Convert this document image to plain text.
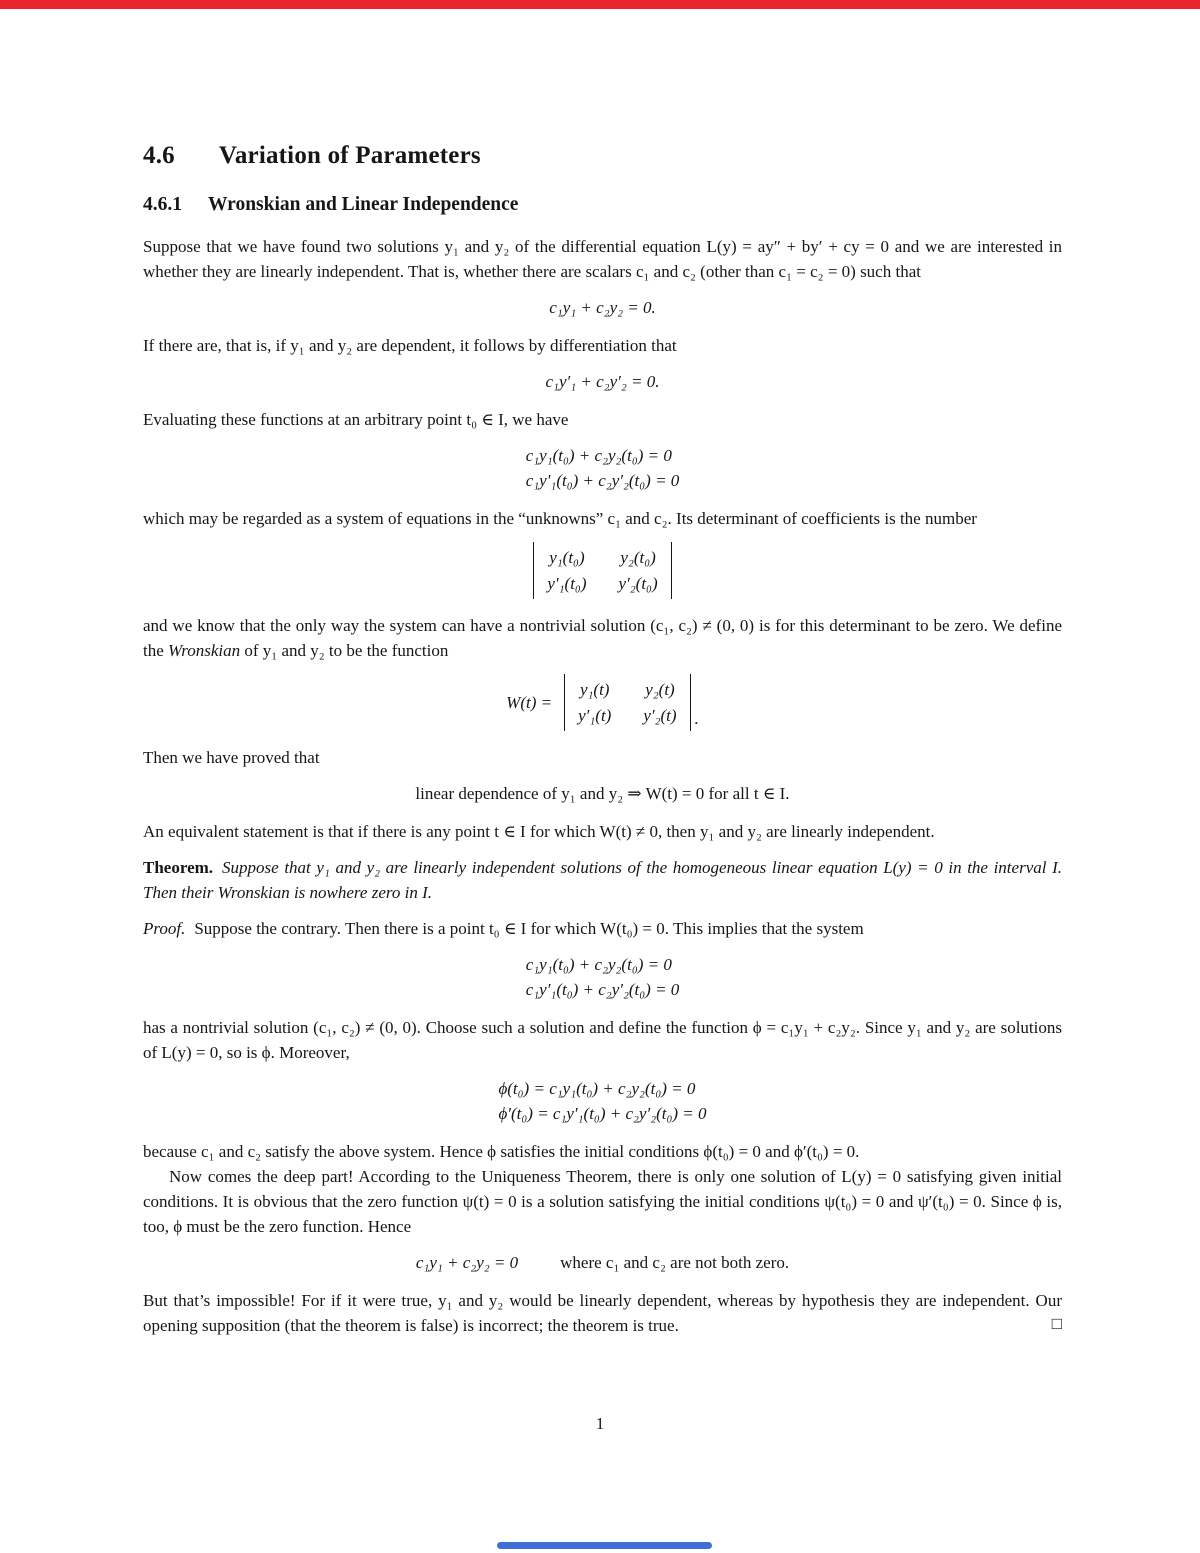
4.6 Variation of Parameters
4.6.1 Wronskian and Linear Independence

Suppose that we have found two solutions y₁ and y₂ of the differential equation L(y) = ay″ + by′ + cy = 0 and we are interested in whether they are linearly independent. That is, whether there are scalars c₁ and c₂ (other than c₁ = c₂ = 0) such that

c₁y₁ + c₂y₂ = 0.

If there are, that is, if y₁ and y₂ are dependent, it follows by differentiation that

c₁y′₁ + c₂y′₂ = 0.

Evaluating these functions at an arbitrary point t₀ ∈ I, we have

c₁y₁(t₀) + c₂y₂(t₀) = 0
c₁y′₁(t₀) + c₂y′₂(t₀) = 0

which may be regarded as a system of equations in the “unknowns” c₁ and c₂. Its determinant of coefficients is the number

y₁(t₀) y₂(t₀)
y′₁(t₀) y′₂(t₀)

and we know that the only way the system can have a nontrivial solution (c₁, c₂) ≠ (0, 0) is for this determinant to be zero. We define the Wronskian of y₁ and y₂ to be the function

W(t) =
y₁(t) y₂(t)
y′₁(t) y′₂(t) .

Then we have proved that

linear dependence of y₁ and y₂ ⇒ W(t) = 0 for all t ∈ I.

An equivalent statement is that if there is any point t ∈ I for which W(t) ≠ 0, then y₁ and y₂ are linearly independent.

Theorem. Suppose that y₁ and y₂ are linearly independent solutions of the homogeneous linear equation L(y) = 0 in the interval I. Then their Wronskian is nowhere zero in I.

Proof. Suppose the contrary. Then there is a point t₀ ∈ I for which W(t₀) = 0. This implies that the system

c₁y₁(t₀) + c₂y₂(t₀) = 0
c₁y′₁(t₀) + c₂y′₂(t₀) = 0

has a nontrivial solution (c₁, c₂) ≠ (0, 0). Choose such a solution and define the function ϕ = c₁y₁ + c₂y₂. Since y₁ and y₂ are solutions of L(y) = 0, so is ϕ. Moreover,

ϕ(t₀) = c₁y₁(t₀) + c₂y₂(t₀) = 0
ϕ′(t₀) = c₁y′₁(t₀) + c₂y′₂(t₀) = 0

because c₁ and c₂ satisfy the above system. Hence ϕ satisfies the initial conditions ϕ(t₀) = 0 and ϕ′(t₀) = 0.

Now comes the deep part! According to the Uniqueness Theorem, there is only one solution of L(y) = 0 satisfying given initial conditions. It is obvious that the zero function ψ(t) = 0 is a solution satisfying the initial conditions ψ(t₀) = 0 and ψ′(t₀) = 0. Since ϕ is, too, ϕ must be the zero function. Hence

c₁y₁ + c₂y₂ = 0 where c₁ and c₂ are not both zero.

But that’s impossible! For if it were true, y₁ and y₂ would be linearly dependent, whereas by hypothesis they are independent. Our opening supposition (that the theorem is false) is incorrect; the theorem is true.	□

1
